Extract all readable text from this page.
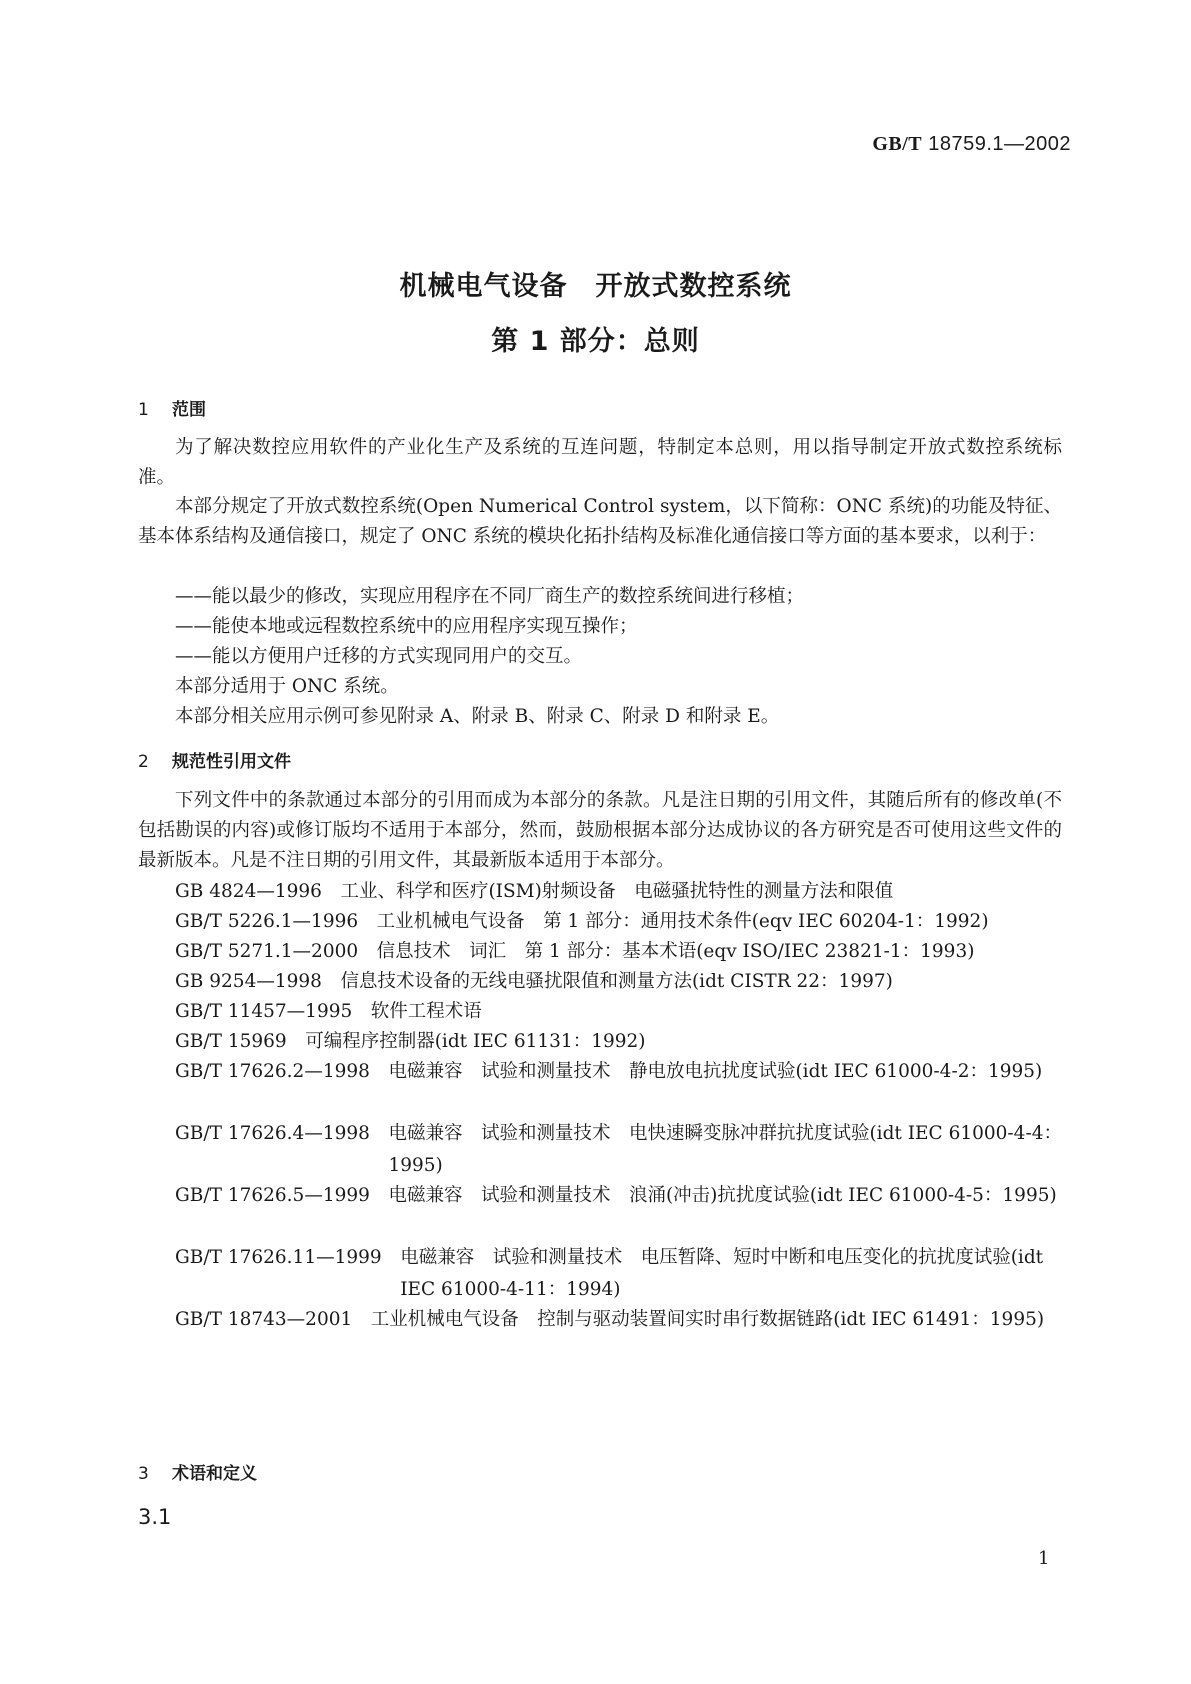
GB/T 18759.1—2002
机械电气设备　开放式数控系统
第 1 部分：总则
1 范围

为了解决数控应用软件的产业化生产及系统的互连问题，特制定本总则，用以指导制定开放式数控系统标准。

本部分规定了开放式数控系统(Open Numerical Control system，以下简称：ONC 系统)的功能及特征、基本体系结构及通信接口，规定了 ONC 系统的模块化拓扑结构及标准化通信接口等方面的基本要求，以利于：

——能以最少的修改，实现应用程序在不同厂商生产的数控系统间进行移植；

——能使本地或远程数控系统中的应用程序实现互操作；

——能以方便用户迁移的方式实现同用户的交互。

本部分适用于 ONC 系统。

本部分相关应用示例可参见附录 A、附录 B、附录 C、附录 D 和附录 E。

2 规范性引用文件

下列文件中的条款通过本部分的引用而成为本部分的条款。凡是注日期的引用文件，其随后所有的修改单(不包括勘误的内容)或修订版均不适用于本部分，然而，鼓励根据本部分达成协议的各方研究是否可使用这些文件的最新版本。凡是不注日期的引用文件，其最新版本适用于本部分。

GB 4824—1996　 工业、科学和医疗(ISM)射频设备　电磁骚扰特性的测量方法和限值
GB/T 5226.1—1996　 工业机械电气设备　第 1 部分：通用技术条件(eqv IEC 60204-1：1992)
GB/T 5271.1—2000　 信息技术　词汇　第 1 部分：基本术语(eqv ISO/IEC 23821-1：1993)
GB 9254—1998　 信息技术设备的无线电骚扰限值和测量方法(idt CISTR 22：1997)
GB/T 11457—1995　 软件工程术语
GB/T 15969　 可编程序控制器(idt IEC 61131：1992)
GB/T 17626.2—1998
　 电磁兼容　试验和测量技术　静电放电抗扰度试验(idt IEC 61000-4-2：1995)
GB/T 17626.4—1998
　 电磁兼容　试验和测量技术　电快速瞬变脉冲群抗扰度试验(idt IEC 61000-4-4：1995)
GB/T 17626.5—1999
　 电磁兼容　试验和测量技术　浪涌(冲击)抗扰度试验(idt IEC 61000-4-5：1995)
GB/T 17626.11—1999
　 电磁兼容　试验和测量技术　电压暂降、短时中断和电压变化的抗扰度试验(idt IEC 61000-4-11：1994)
GB/T 18743—2001
　 工业机械电气设备　控制与驱动装置间实时串行数据链路(idt IEC 61491：1995)
3 术语和定义

3.1

1
